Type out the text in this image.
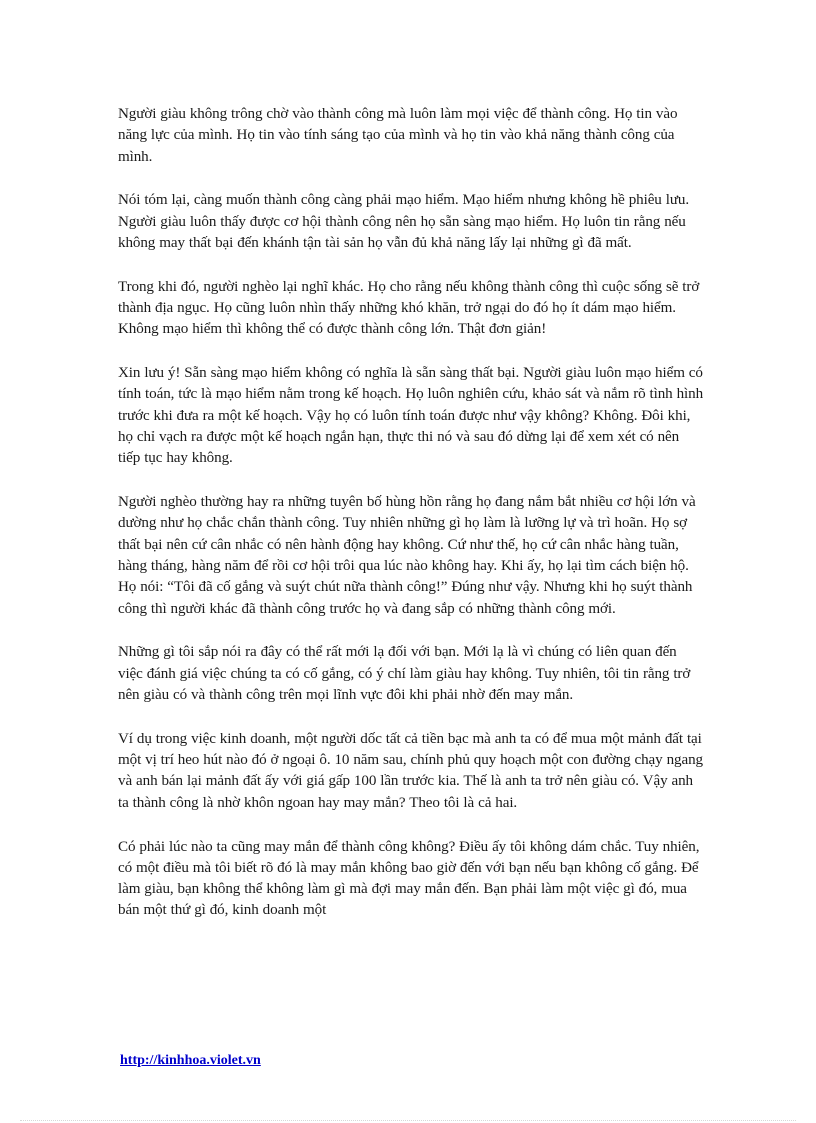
Người giàu không trông chờ vào thành công mà luôn làm mọi việc để thành công. Họ tin vào năng lực của mình. Họ tin vào tính sáng tạo của mình và họ tin vào khả năng thành công của mình.

Nói tóm lại, càng muốn thành công càng phải mạo hiểm. Mạo hiểm nhưng không hề phiêu lưu. Người giàu luôn thấy được cơ hội thành công nên họ sẵn sàng mạo hiểm. Họ luôn tin rằng nếu không may thất bại đến khánh tận tài sản họ vẫn đủ khả năng lấy lại những gì đã mất.

Trong khi đó, người nghèo lại nghĩ khác. Họ cho rằng nếu không thành công thì cuộc sống sẽ trở thành địa ngục. Họ cũng luôn nhìn thấy những khó khăn, trở ngại do đó họ ít dám mạo hiểm. Không mạo hiểm thì không thể có được thành công lớn. Thật đơn giản!

Xin lưu ý! Sẵn sàng mạo hiểm không có nghĩa là sẵn sàng thất bại. Người giàu luôn mạo hiểm có tính toán, tức là mạo hiểm nằm trong kế hoạch. Họ luôn nghiên cứu, khảo sát và nắm rõ tình hình trước khi đưa ra một kế hoạch. Vậy họ có luôn tính toán được như vậy không? Không. Đôi khi, họ chỉ vạch ra được một kế hoạch ngắn hạn, thực thi nó và sau đó dừng lại để xem xét có nên tiếp tục hay không.

Người nghèo thường hay ra những tuyên bố hùng hồn rằng họ đang nắm bắt nhiều cơ hội lớn và dường như họ chắc chắn thành công. Tuy nhiên những gì họ làm là lưỡng lự và trì hoãn. Họ sợ thất bại nên cứ cân nhắc có nên hành động hay không. Cứ như thế, họ cứ cân nhắc hàng tuần, hàng tháng, hàng năm để rồi cơ hội trôi qua lúc nào không hay. Khi ấy, họ lại tìm cách biện hộ. Họ nói: “Tôi đã cố gắng và suýt chút nữa thành công!” Đúng như vậy. Nhưng khi họ suýt thành công thì người khác đã thành công trước họ và đang sắp có những thành công mới.

Những gì tôi sắp nói ra đây có thể rất mới lạ đối với bạn. Mới lạ là vì chúng có liên quan đến việc đánh giá việc chúng ta có cố gắng, có ý chí làm giàu hay không. Tuy nhiên, tôi tin rằng trở nên giàu có và thành công trên mọi lĩnh vực đôi khi phải nhờ đến may mắn.

Ví dụ trong việc kinh doanh, một người dốc tất cả tiền bạc mà anh ta có để mua một mảnh đất tại một vị trí heo hút nào đó ở ngoại ô. 10 năm sau, chính phủ quy hoạch một con đường chạy ngang và anh bán lại mảnh đất ấy với giá gấp 100 lần trước kia. Thế là anh ta trở nên giàu có. Vậy anh ta thành công là nhờ khôn ngoan hay may mắn? Theo tôi là cả hai.

Có phải lúc nào ta cũng may mắn để thành công không? Điều ấy tôi không dám chắc. Tuy nhiên, có một điều mà tôi biết rõ đó là may mắn không bao giờ đến với bạn nếu bạn không cố gắng. Để làm giàu, bạn không thể không làm gì mà đợi may mắn đến. Bạn phải làm một việc gì đó, mua bán một thứ gì đó, kinh doanh một

http://kinhhoa.violet.vn
